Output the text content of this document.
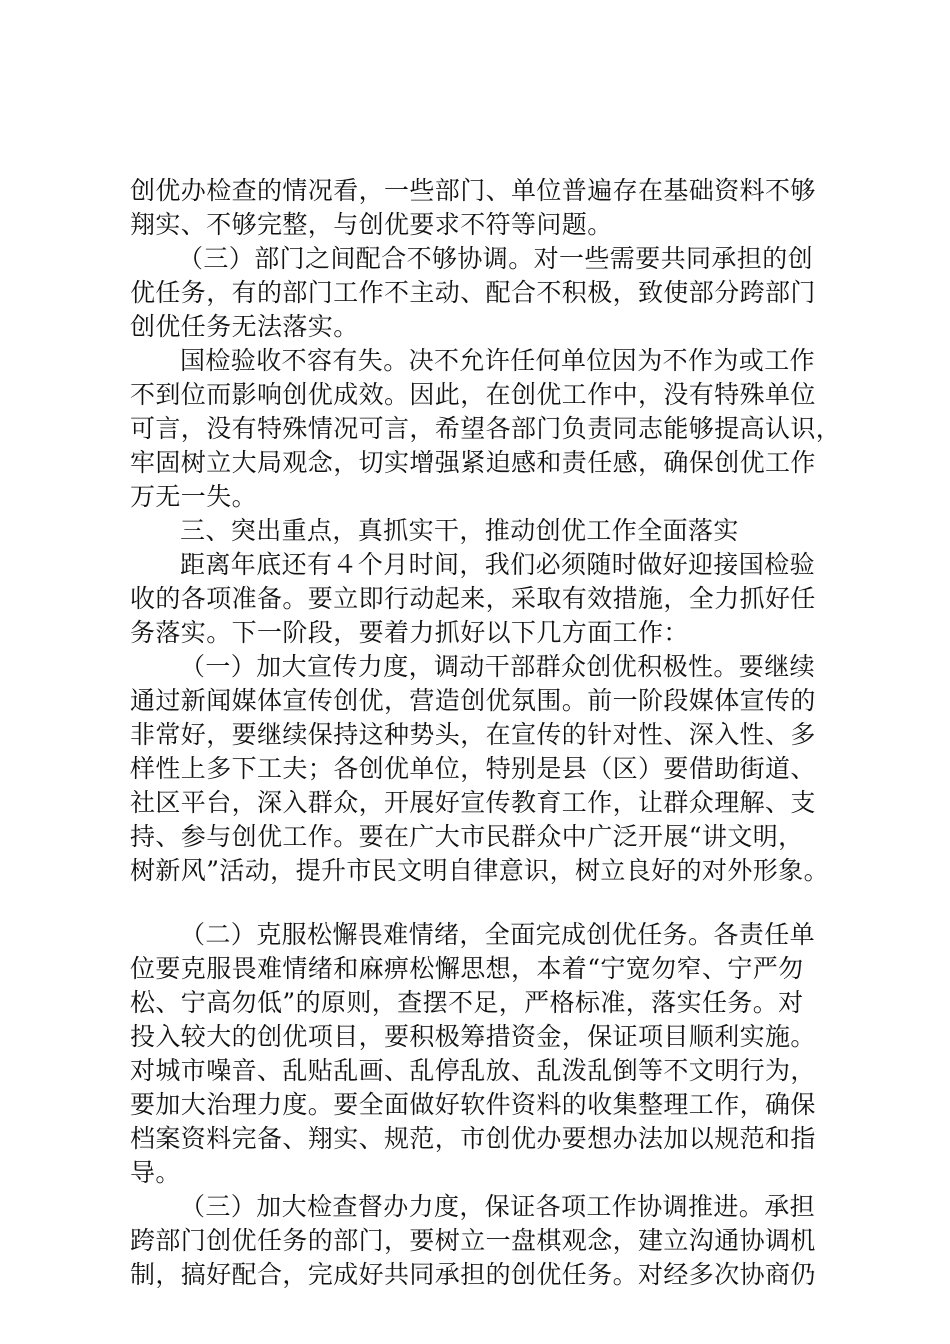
创优办检查的情况看，一些部门、单位普遍存在基础资料不够
翔实、不够完整，与创优要求不符等问题。
（三）部门之间配合不够协调。对一些需要共同承担的创
优任务，有的部门工作不主动、配合不积极，致使部分跨部门
创优任务无法落实。
国检验收不容有失。决不允许任何单位因为不作为或工作
不到位而影响创优成效。因此，在创优工作中，没有特殊单位
可言，没有特殊情况可言，希望各部门负责同志能够提高认识，
牢固树立大局观念，切实增强紧迫感和责任感，确保创优工作
万无一失。
三、突出重点，真抓实干，推动创优工作全面落实
距离年底还有４个月时间，我们必须随时做好迎接国检验
收的各项准备。要立即行动起来，采取有效措施，全力抓好任
务落实。下一阶段，要着力抓好以下几方面工作：
（一）加大宣传力度，调动干部群众创优积极性。要继续
通过新闻媒体宣传创优，营造创优氛围。前一阶段媒体宣传的
非常好，要继续保持这种势头，在宣传的针对性、深入性、多
样性上多下工夫；各创优单位，特别是县（区）要借助街道、
社区平台，深入群众，开展好宣传教育工作，让群众理解、支
持、参与创优工作。要在广大市民群众中广泛开展“讲文明，
树新风”活动，提升市民文明自律意识，树立良好的对外形象。
（二）克服松懈畏难情绪，全面完成创优任务。各责任单
位要克服畏难情绪和麻痹松懈思想，本着“宁宽勿窄、宁严勿
松、宁高勿低”的原则，查摆不足，严格标准，落实任务。对
投入较大的创优项目，要积极筹措资金，保证项目顺利实施。
对城市噪音、乱贴乱画、乱停乱放、乱泼乱倒等不文明行为，
要加大治理力度。要全面做好软件资料的收集整理工作，确保
档案资料完备、翔实、规范，市创优办要想办法加以规范和指
导。
（三）加大检查督办力度，保证各项工作协调推进。承担
跨部门创优任务的部门，要树立一盘棋观念，建立沟通协调机
制，搞好配合，完成好共同承担的创优任务。对经多次协商仍
